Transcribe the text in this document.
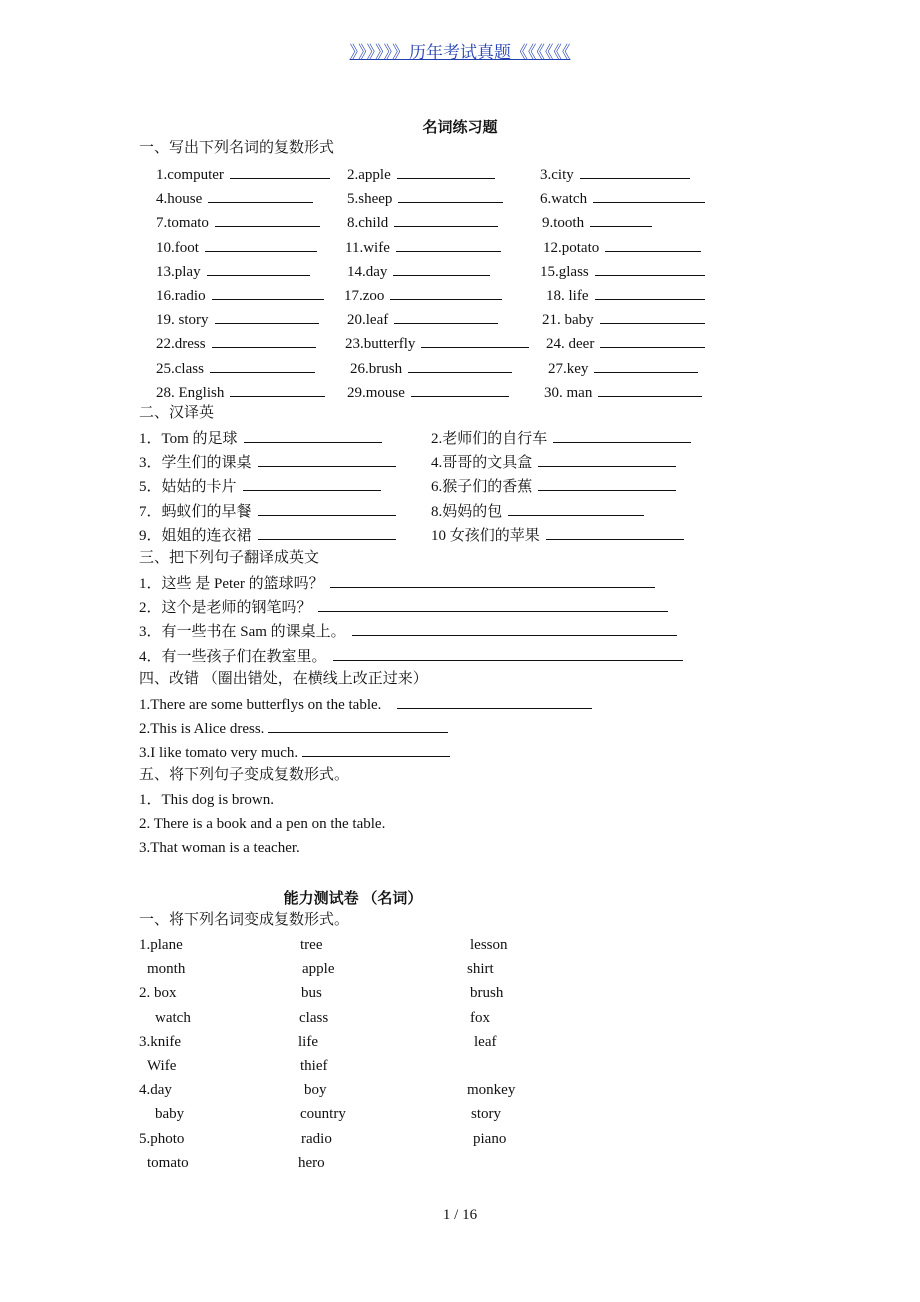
》》》》》》历年考试真题《《《《《《
名词练习题
一、写出下列名词的复数形式
1.computer	2.apple	3.city
4.house	5.sheep	6.watch
7.tomato	8.child	9.tooth
10.foot	11.wife	12.potato
13.play	14.day	15.glass
16.radio	17.zoo	18. life
19. story	20.leaf	21. baby
22.dress	23.butterfly	24. deer
25.class	26.brush	27.key
28. English	29.mouse	30. man
二、汉译英
1．Tom 的足球	2.老师们的自行车
3．学生们的课桌	4.哥哥的文具盒
5．姑姑的卡片	6.猴子们的香蕉
7．蚂蚁们的早餐	8.妈妈的包
9．姐姐的连衣裙	10 女孩们的苹果
三、把下列句子翻译成英文
1．这些 是 Peter 的篮球吗？
2．这个是老师的钢笔吗？
3．有一些书在 Sam 的课桌上。
4．有一些孩子们在教室里。
四、改错 （圈出错处，在横线上改正过来）
1.There are some butterflys on the table.
2.This is Alice dress.
3.I like tomato very much.
五、将下列句子变成复数形式。
1．This dog is brown.
2. There is a book and a pen on the table.
3.That woman is a teacher.
能力测试卷 （名词）
一、将下列名词变成复数形式。
1.plane	tree	lesson
month	apple	shirt
2. box	bus	brush
watch	class	fox
3.knife	life	leaf
Wife	thief
4.day	boy	monkey
baby	country	story
5.photo	radio	piano
tomato	hero
1 / 16
